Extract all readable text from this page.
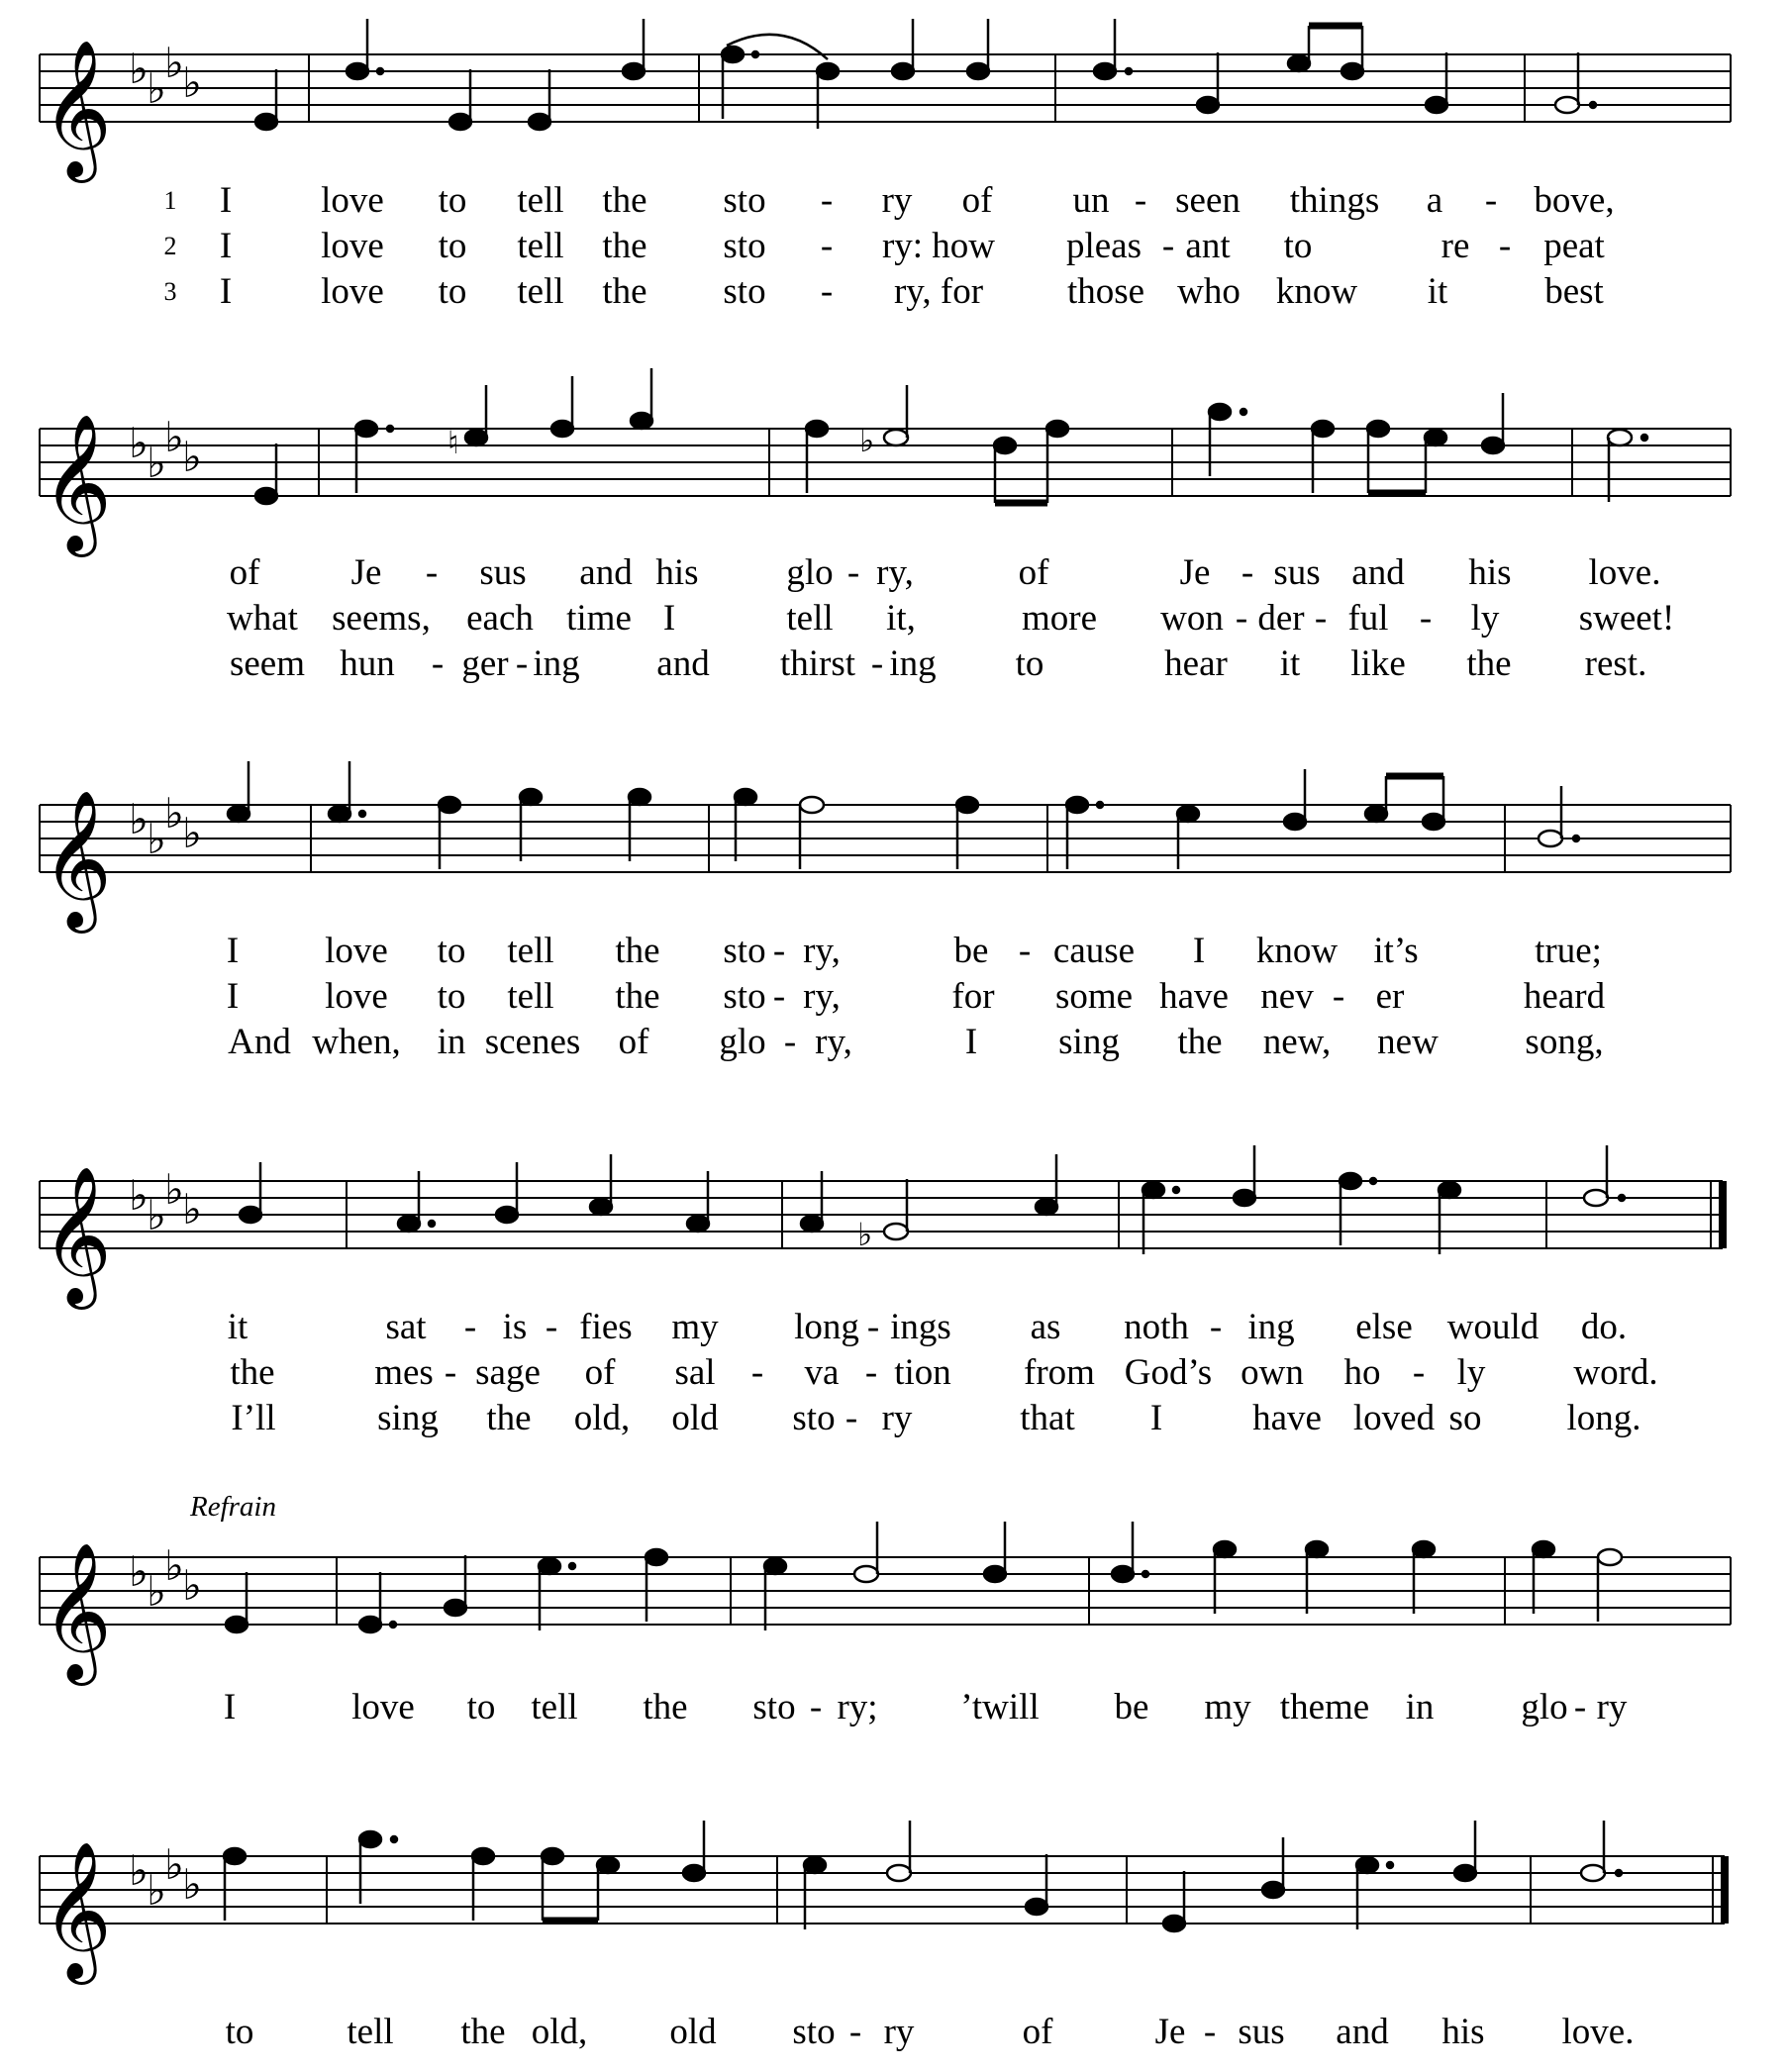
𝄞 ♭
♭
♭
♭
1
2
3
I love to tell the sto - ry of un - seen things a - bove,
I love to tell the sto - ry: how pleas - ant to	re - peat
I love to tell the sto - ry, for those who know it	best
𝄞 ♭
♭
♭
♭	♮	♭
of Je - sus and his glo - ry,	of	Je - sus and his love.
what seems, each time I	tell it,	more won - der - ful - ly sweet!
seem hun - ger - ing and thirst - ing to	hear it like the rest.
𝄞 ♭
♭
♭
♭
I love to tell the sto - ry,	be - cause I know it’s	true;
I love to tell the sto - ry,	for some have nev - er	heard
And when, in scenes of glo - ry,	I sing the new, new song,
𝄞 ♭
♭
♭
♭
♭
it	sat - is - fies my long - ings as noth - ing else would do.
the	mes - sage of sal - va - tion from God’s own ho - ly word.
I’ll	sing the old, old sto - ry	that I have loved so long.
Refrain
𝄞 ♭
♭
♭
♭
I	love to tell the sto - ry; ’twill be my theme in glo - ry
𝄞 ♭
♭
♭
♭
to	tell the old, old sto - ry	of	Je - sus and his love.
